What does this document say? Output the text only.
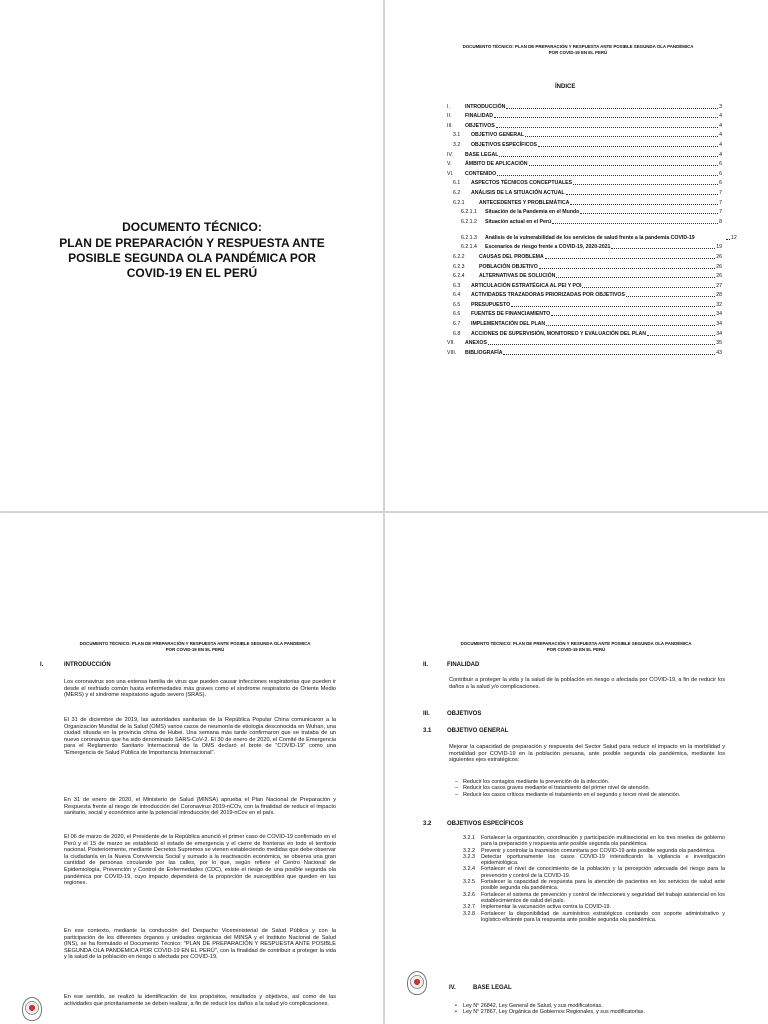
DOCUMENTO TÉCNICO:
PLAN DE PREPARACIÓN Y RESPUESTA ANTE
POSIBLE SEGUNDA OLA PANDÉMICA POR
COVID-19 EN EL PERÚ
DOCUMENTO TÉCNICO: PLAN DE PREPARACIÓN Y RESPUESTA ANTE POSIBLE SEGUNDA OLA PANDÉMICA
POR COVID-19 EN EL PERÚ
ÍNDICE
I.	INTRODUCCIÓN	3
II.	FINALIDAD	4
III.	OBJETIVOS	4
3.1	OBJETIVO GENERAL	4
3.2	OBJETIVOS ESPECÍFICOS	4
IV.	BASE LEGAL	4
V.	ÁMBITO DE APLICACIÓN	6
VI.	CONTENIDO	6
6.1	ASPECTOS TÉCNICOS CONCEPTUALES	6
6.2	ANÁLISIS DE LA SITUACIÓN ACTUAL	7
6.2.1	ANTECEDENTES Y PROBLEMÁTICA	7
6.2.1.1	Situación de la Pandemia en el Mundo	7
6.2.1.2	Situación actual en el Perú	8
6.2.1.3	Análisis de la vulnerabilidad de los servicios de salud frente a la pandemia COVID-19	12
6.2.1.4	Escenarios de riesgo frente a COVID-19, 2020-2021	19
6.2.2	CAUSAS DEL PROBLEMA	26
6.2.3	POBLACIÓN OBJETIVO	26
6.2.4	ALTERNATIVAS DE SOLUCIÓN	26
6.3	ARTICULACIÓN ESTRATÉGICA AL PEI Y POI	27
6.4	ACTIVIDADES TRAZADORAS PRIORIZADAS POR OBJETIVOS	28
6.5	PRESUPUESTO	32
6.6	FUENTES DE FINANCIAMIENTO	34
6.7	IMPLEMENTACIÓN DEL PLAN	34
6.8	ACCIONES DE SUPERVISIÓN, MONITOREO Y EVALUACIÓN DEL PLAN	34
VII.	ANEXOS	35
VIII.	BIBLIOGRAFÍA	43
DOCUMENTO TÉCNICO: PLAN DE PREPARACIÓN Y RESPUESTA ANTE POSIBLE SEGUNDA OLA PANDÉMICA
POR COVID-19 EN EL PERÚ
I.	INTRODUCCIÓN
Los coronavirus son una extensa familia de virus que pueden causar infecciones respiratorias que pueden ir desde el resfriado común hasta enfermedades más graves como el síndrome respiratorio de Oriente Medio (MERS) y el síndrome respiratorio agudo severo (SRAS).
El 31 de diciembre de 2019, las autoridades sanitarias de la República Popular China comunicaron a la Organización Mundial de la Salud (OMS) varios casos de neumonía de etiología desconocida en Wuhan, una ciudad situada en la provincia china de Hubei. Una semana más tarde confirmaron que se trataba de un nuevo coronavirus que ha sido denominado SARS-CoV-2. El 30 de enero de 2020, el Comité de Emergencia para el Reglamento Sanitario Internacional de la OMS declaró el brote de "COVID-19" como una "Emergencia de Salud Pública de Importancia Internacional".
En 31 de enero de 2020, el Ministerio de Salud (MINSA) aprueba el Plan Nacional de Preparación y Respuesta frente al riesgo de introducción del Coronavirus 2019-nCOv, con la finalidad de reducir el impacto sanitario, social y económico ante la potencial introducción del 2019-nCov en el país.
El 06 de marzo de 2020, el Presidente de la República anunció el primer caso de COVID-19 confirmado en el Perú y el 15 de marzo se estableció el estado de emergencia y el cierre de fronteras en todo el territorio nacional. Posteriormente, mediante Decretos Supremos se vienen estableciendo medidas que debe observar la ciudadanía en la Nueva Convivencia Social y sumado a la reactivación económica, se observa una gran cantidad de personas circulando por las calles, por lo que, según refiere el Centro Nacional de Epidemiología, Prevención y Control de Enfermedades (CDC), existe el riesgo de una posible segunda ola pandémica por COVID-19, cuyo impacto dependerá de la proporción de susceptibles que queden en las regiones.
En ese contexto, mediante la conducción del Despacho Viceministerial de Salud Pública y con la participación de los diferentes órganos y unidades orgánicas del MINSA y el Instituto Nacional de Salud (INS), se ha formulado el Documento Técnico: "PLAN DE PREPARACIÓN Y RESPUESTA ANTE POSIBLE SEGUNDA OLA PANDÉMICA POR COVID-19 EN EL PERÚ", con la finalidad de contribuir a proteger la vida y la salud de la población en riesgo o afectada por COVID-19.
En ese sentido, se realizó la identificación de los propósitos, resultados y objetivos, así como de las actividades que prioritariamente se deben realizar, a fin de reducir los daños a la salud y/o complicaciones.
DOCUMENTO TÉCNICO: PLAN DE PREPARACIÓN Y RESPUESTA ANTE POSIBLE SEGUNDA OLA PANDÉMICA
POR COVID-19 EN EL PERÚ
II.	FINALIDAD
Contribuir a proteger la vida y la salud de la población en riesgo o afectada por COVID-19, a fin de reducir los daños a la salud y/o complicaciones.
III.	OBJETIVOS
3.1	OBJETIVO GENERAL
Mejorar la capacidad de preparación y respuesta del Sector Salud para reducir el impacto en la morbilidad y mortalidad por COVID-19 en la población peruana, ante posible segunda ola pandémica, mediante los siguientes ejes estratégicos:
– Reducir los contagios mediante la prevención de la infección.
– Reducir los casos graves mediante el tratamiento del primer nivel de atención.
– Reducir los casos críticos mediante el tratamiento en el segundo y tercer nivel de atención.
3.2	OBJETIVOS ESPECÍFICOS
3.2.1	Fortalecer la organización, coordinación y participación multisectorial en los tres niveles de gobierno para la preparación y respuesta ante posible segunda ola pandémica.
3.2.2	Prevenir y controlar la trasmisión comunitaria por COVID-19 ante posible segunda ola pandémica.
3.2.3	Detectar oportunamente los casos COVID-19 intensificando la vigilancia e investigación epidemiológica.
3.2.4	Fortalecer el nivel de conocimiento de la población y la percepción adecuada del riesgo para la prevención y control de la COVID-19.
3.2.5	Fortalecer la capacidad de respuesta para la atención de pacientes en los servicios de salud ante posible segunda ola pandémica.
3.2.6	Fortalecer el sistema de prevención y control de infecciones y seguridad del trabajo asistencial en los establecimientos de salud del país.
3.2.7	Implementar la vacunación activa contra la COVID-19.
3.2.8	Fortalecer la disponibilidad de suministros estratégicos contando con soporte administrativo y logístico eficiente para la respuesta ante posible segunda ola pandémica.
IV.	BASE LEGAL
•	Ley N° 26842, Ley General de Salud, y sus modificatorias.
•	Ley N° 27867, Ley Orgánica de Gobiernos Regionales, y sus modificatorias.
